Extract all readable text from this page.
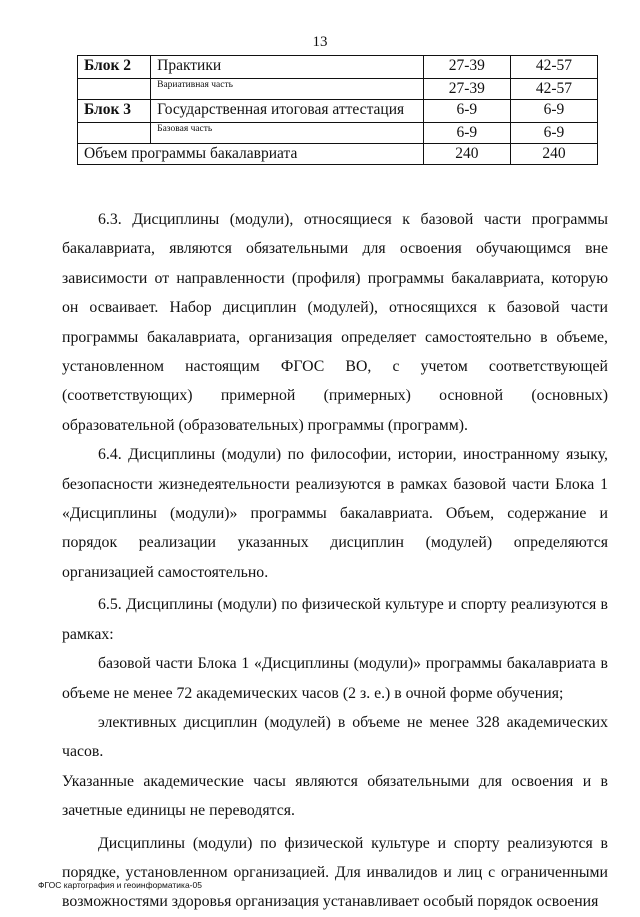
13
Блок 2	Практики	27-39	42-57
	Вариативная часть	27-39	42-57
Блок 3	Государственная итоговая аттестация	6-9	6-9
	Базовая часть	6-9	6-9
Объем программы бакалавриата		240	240

6.3. Дисциплины (модули), относящиеся к базовой части программы бакалавриата, являются обязательными для освоения обучающимся вне зависимости от направленности (профиля) программы бакалавриата, которую он осваивает. Набор дисциплин (модулей), относящихся к базовой части программы бакалавриата, организация определяет самостоятельно в объеме, установленном настоящим ФГОС ВО, с учетом соответствующей (соответствующих) примерной (примерных) основной (основных) образовательной (образовательных) программы (программ).

6.4. Дисциплины (модули) по философии, истории, иностранному языку, безопасности жизнедеятельности реализуются в рамках базовой части Блока 1 «Дисциплины (модули)» программы бакалавриата. Объем, содержание и порядок реализации указанных дисциплин (модулей) определяются организацией самостоятельно.

6.5. Дисциплины (модули) по физической культуре и спорту реализуются в рамках:

базовой части Блока 1 «Дисциплины (модули)» программы бакалавриата в объеме не менее 72 академических часов (2 з. е.) в очной форме обучения;

элективных дисциплин (модулей) в объеме не менее 328 академических часов.

Указанные академические часы являются обязательными для освоения и в зачетные единицы не переводятся.

Дисциплины (модули) по физической культуре и спорту реализуются в порядке, установленном организацией. Для инвалидов и лиц с ограниченными возможностями здоровья организация устанавливает особый порядок освоения

ФГОС картография и геоинформатика-05
